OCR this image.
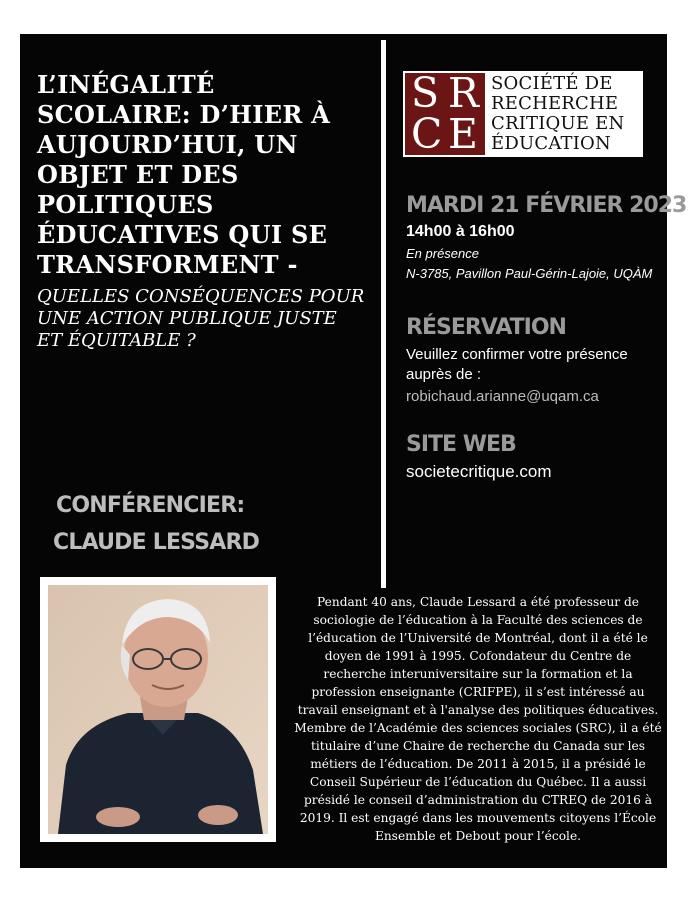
L’INÉGALITÉ SCOLAIRE: D’HIER À AUJOURD’HUI, UN OBJET ET DES POLITIQUES ÉDUCATIVES QUI SE TRANSFORMENT -

QUELLES CONSÉQUENCES POUR UNE ACTION PUBLIQUE JUSTE ET ÉQUITABLE ?

CONFÉRENCIER:

CLAUDE LESSARD

S R
C E
SOCIÉTÉ DE
RECHERCHE
CRITIQUE EN
ÉDUCATION

MARDI 21 FÉVRIER 2023

14h00 à 16h00

En présence

N-3785, Pavillon Paul-Gérin-Lajoie, UQÀM

RÉSERVATION

Veuillez confirmer votre présence auprès de :

robichaud.arianne@uqam.ca

SITE WEB

societecritique.com

Pendant 40 ans, Claude Lessard a été professeur de sociologie de l’éducation à la Faculté des sciences de l’éducation de l’Université de Montréal, dont il a été le doyen de 1991 à 1995. Cofondateur du Centre de recherche interuniversitaire sur la formation et la profession enseignante (CRIFPE), il s’est intéressé au travail enseignant et à l'analyse des politiques éducatives. Membre de l’Académie des sciences sociales (SRC), il a été titulaire d’une Chaire de recherche du Canada sur les métiers de l’éducation. De 2011 à 2015, il a présidé le Conseil Supérieur de l’éducation du Québec. Il a aussi présidé le conseil d’administration du CTREQ de 2016 à 2019. Il est engagé dans les mouvements citoyens l’École Ensemble et Debout pour l’école.
